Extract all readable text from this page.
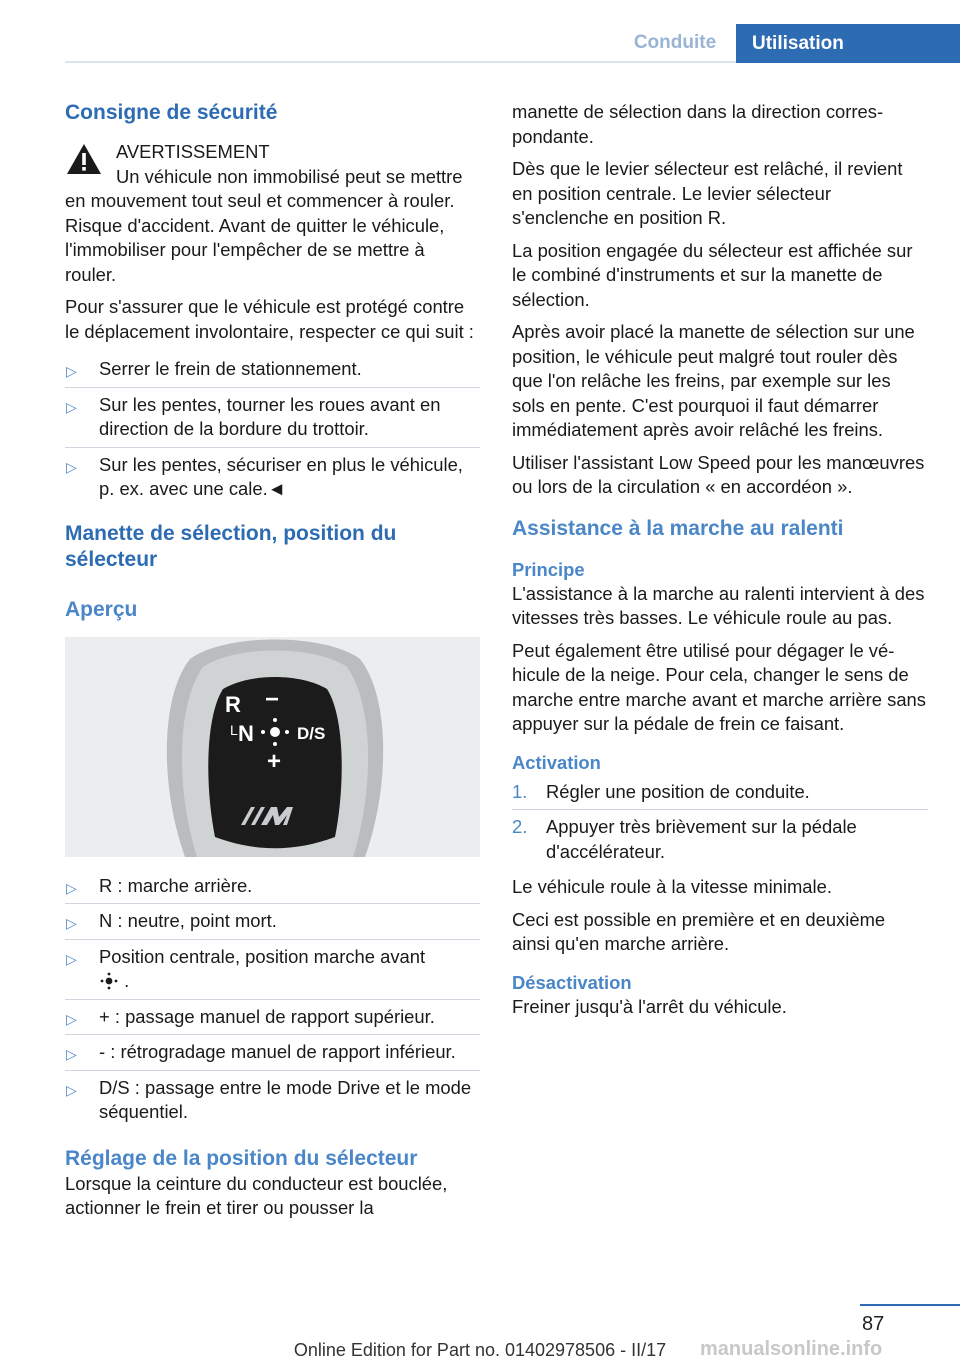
Conduite	Utilisation
Consigne de sécurité
AVERTISSEMENT

Un véhicule non immobilisé peut se mettre en mouvement tout seul et commencer à rouler. Risque d'accident. Avant de quitter le véhicule, l'immobiliser pour l'empêcher de se mettre à rouler.

Pour s'assurer que le véhicule est protégé contre le déplacement involontaire, respecter ce qui suit :

▷ Serrer le frein de stationnement.
▷ Sur les pentes, tourner les roues avant en direction de la bordure du trottoir.
▷ Sur les pentes, sécuriser en plus le véhicule, p. ex. avec une cale.◄
Manette de sélection, position du sélecteur
Aperçu
R −
L N	D/S
+
▷ R : marche arrière.
▷ N : neutre, point mort.
▷ Position centrale, position marche avant
.
▷ + : passage manuel de rapport supérieur.
▷ - : rétrogradage manuel de rapport inférieur.
▷ D/S : passage entre le mode Drive et le mode séquentiel.
Réglage de la position du sélecteur

Lorsque la ceinture du conducteur est bouclée, actionner le frein et tirer ou pousser la

manette de sélection dans la direction correspondante.

Dès que le levier sélecteur est relâché, il revient en position centrale. Le levier sélecteur s'enclenche en position R.

La position engagée du sélecteur est affichée sur le combiné d'instruments et sur la manette de sélection.

Après avoir placé la manette de sélection sur une position, le véhicule peut malgré tout rouler dès que l'on relâche les freins, par exemple sur les sols en pente. C'est pourquoi il faut démarrer immédiatement après avoir relâché les freins.

Utiliser l'assistant Low Speed pour les manœuvres ou lors de la circulation « en accordéon ».

Assistance à la marche au ralenti
Principe

L'assistance à la marche au ralenti intervient à des vitesses très basses. Le véhicule roule au pas.

Peut également être utilisé pour dégager le véhicule de la neige. Pour cela, changer le sens de marche entre marche avant et marche arrière sans appuyer sur la pédale de frein ce faisant.

Activation
1. Régler une position de conduite.
2. Appuyer très brièvement sur la pédale d'accélérateur.

Le véhicule roule à la vitesse minimale.

Ceci est possible en première et en deuxième ainsi qu'en marche arrière.

Désactivation

Freiner jusqu'à l'arrêt du véhicule.

87
Online Edition for Part no. 01402978506 - II/17	manualsonline.info
